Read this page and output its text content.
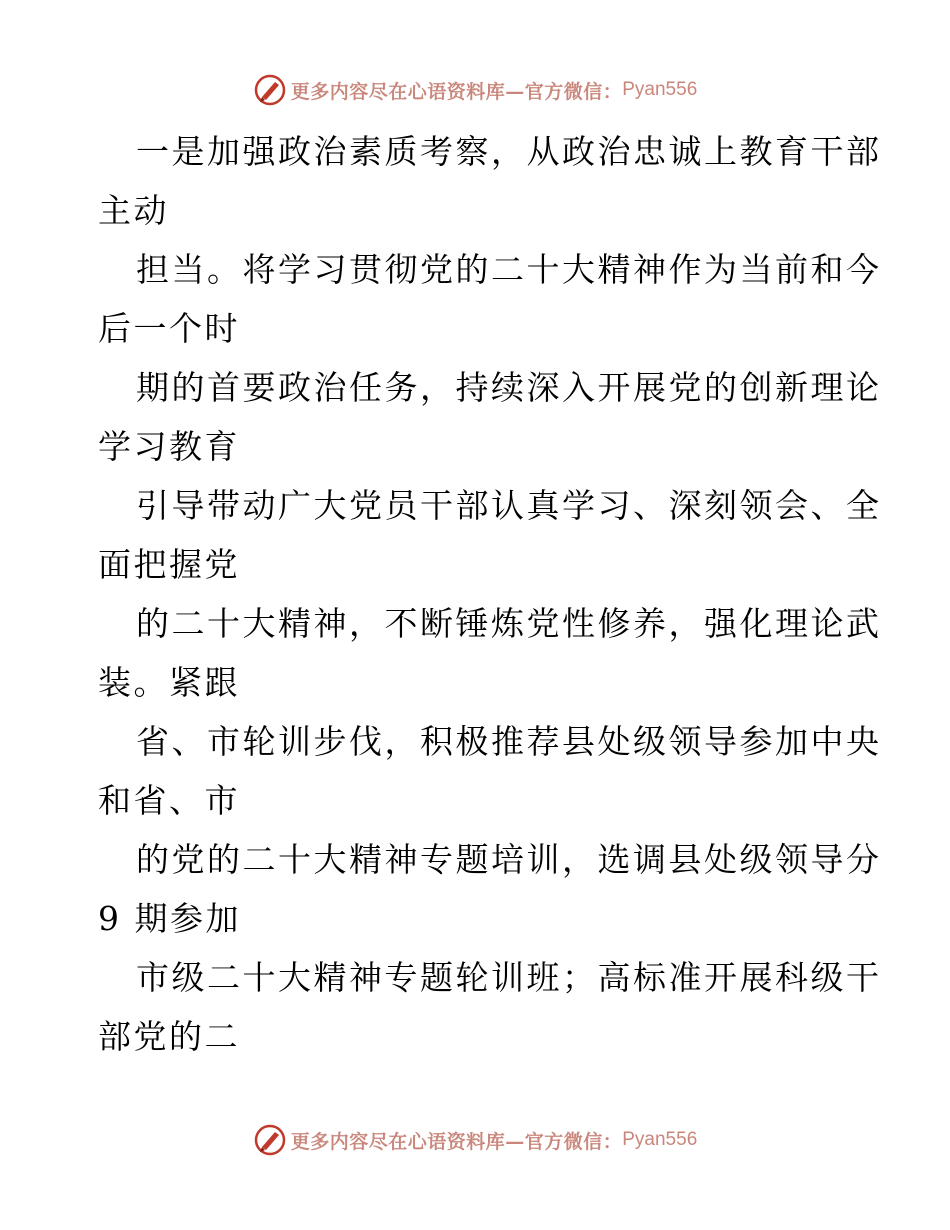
更多内容尽在心语资料库—官方微信： Pyan556

一是加强政治素质考察，从政治忠诚上教育干部
主动

担当。将学习贯彻党的二十大精神作为当前和今
后一个时

期的首要政治任务，持续深入开展党的创新理论
学习教育

引导带动广大党员干部认真学习、深刻领会、全
面把握党

的二十大精神，不断锤炼党性修养，强化理论武
装。紧跟

省、市轮训步伐，积极推荐县处级领导参加中央
和省、市

的党的二十大精神专题培训，选调县处级领导分
9 期参加

市级二十大精神专题轮训班；高标准开展科级干
部党的二

更多内容尽在心语资料库—官方微信： Pyan556
